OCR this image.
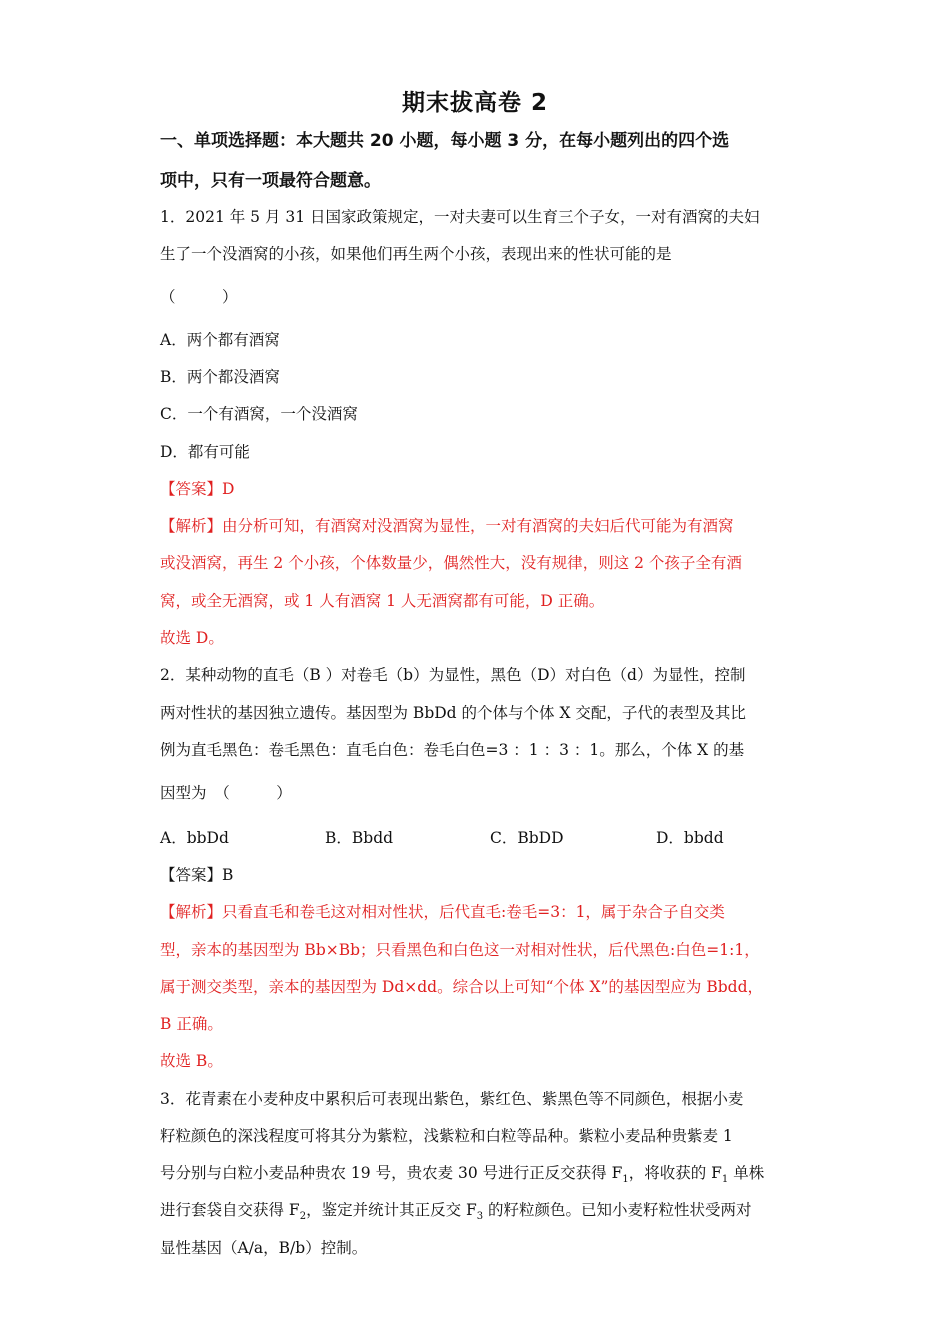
期末拔高卷 2
一、单项选择题：本大题共 20 小题，每小题 3 分，在每小题列出的四个选
项中，只有一项最符合题意。
1．2021 年 5 月 31 日国家政策规定，一对夫妻可以生育三个子女，一对有酒窝的夫妇
生了一个没酒窝的小孩，如果他们再生两个小孩，表现出来的性状可能的是
（　　　）
A．两个都有酒窝
B．两个都没酒窝
C．一个有酒窝，一个没酒窝
D．都有可能
【答案】D
【解析】由分析可知，有酒窝对没酒窝为显性，一对有酒窝的夫妇后代可能为有酒窝
或没酒窝，再生 2 个小孩，个体数量少，偶然性大，没有规律，则这 2 个孩子全有酒
窝，或全无酒窝，或 1 人有酒窝 1 人无酒窝都有可能，D 正确。
故选 D。
2．某种动物的直毛（B ）对卷毛（b）为显性，黑色（D）对白色（d）为显性，控制
两对性状的基因独立遗传。基因型为 BbDd 的个体与个体 X 交配，子代的表型及其比
例为直毛黑色：卷毛黑色：直毛白色：卷毛白色=3 ：1 ：3 ：1。那么，个体 X 的基
因型为　（　　　）
A．bbDd	B．Bbdd	C．BbDD	D．bbdd
【答案】B
【解析】只看直毛和卷毛这对相对性状，后代直毛:卷毛=3：1，属于杂合子自交类
型，亲本的基因型为 Bb×Bb；只看黑色和白色这一对相对性状，后代黑色:白色=1:1，
属于测交类型，亲本的基因型为 Dd×dd。综合以上可知“个体 X”的基因型应为 Bbdd，
B 正确。
故选 B。
3．花青素在小麦种皮中累积后可表现出紫色，紫红色、紫黑色等不同颜色，根据小麦
籽粒颜色的深浅程度可将其分为紫粒，浅紫粒和白粒等品种。紫粒小麦品种贵紫麦 1
号分别与白粒小麦品种贵农 19 号，贵农麦 30 号进行正反交获得 $F_1$，将收获的 $F_1$ 单株
进行套袋自交获得 $F_2$，鉴定并统计其正反交 $F_3$ 的籽粒颜色。已知小麦籽粒性状受两对
显性基因（A/a，B/b）控制。
